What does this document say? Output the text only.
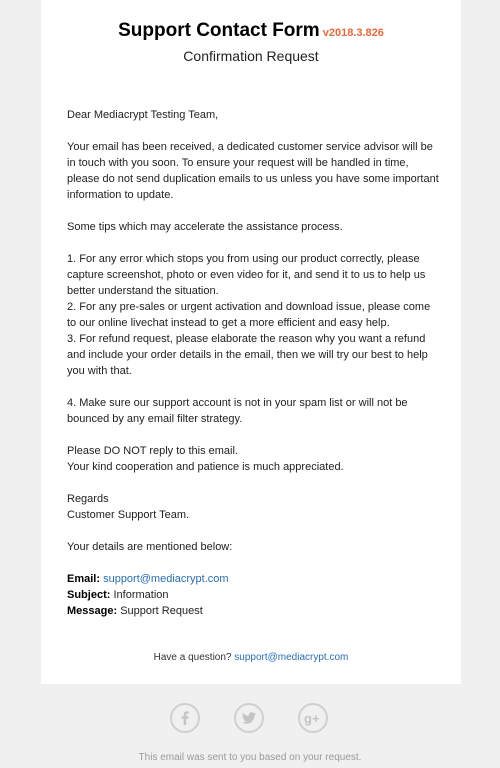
Support Contact Form v2018.3.826
Confirmation Request

Dear Mediacrypt Testing Team,

Your email has been received, a dedicated customer service advisor will be in touch with you soon. To ensure your request will be handled in time, please do not send duplication emails to us unless you have some important information to update.

Some tips which may accelerate the assistance process.

1. For any error which stops you from using our product correctly, please capture screenshot, photo or even video for it, and send it to us to help us better understand the situation.

2. For any pre-sales or urgent activation and download issue, please come to our online livechat instead to get a more efficient and easy help.

3. For refund request, please elaborate the reason why you want a refund and include your order details in the email, then we will try our best to help you with that.

4. Make sure our support account is not in your spam list or will not be bounced by any email filter strategy.

Please DO NOT reply to this email.

Your kind cooperation and patience is much appreciated.

Regards

Customer Support Team.

Your details are mentioned below:

Email: support@mediacrypt.com

Subject: Information

Message: Support Request

Have a question? support@mediacrypt.com
g+
This email was sent to you based on your request.
